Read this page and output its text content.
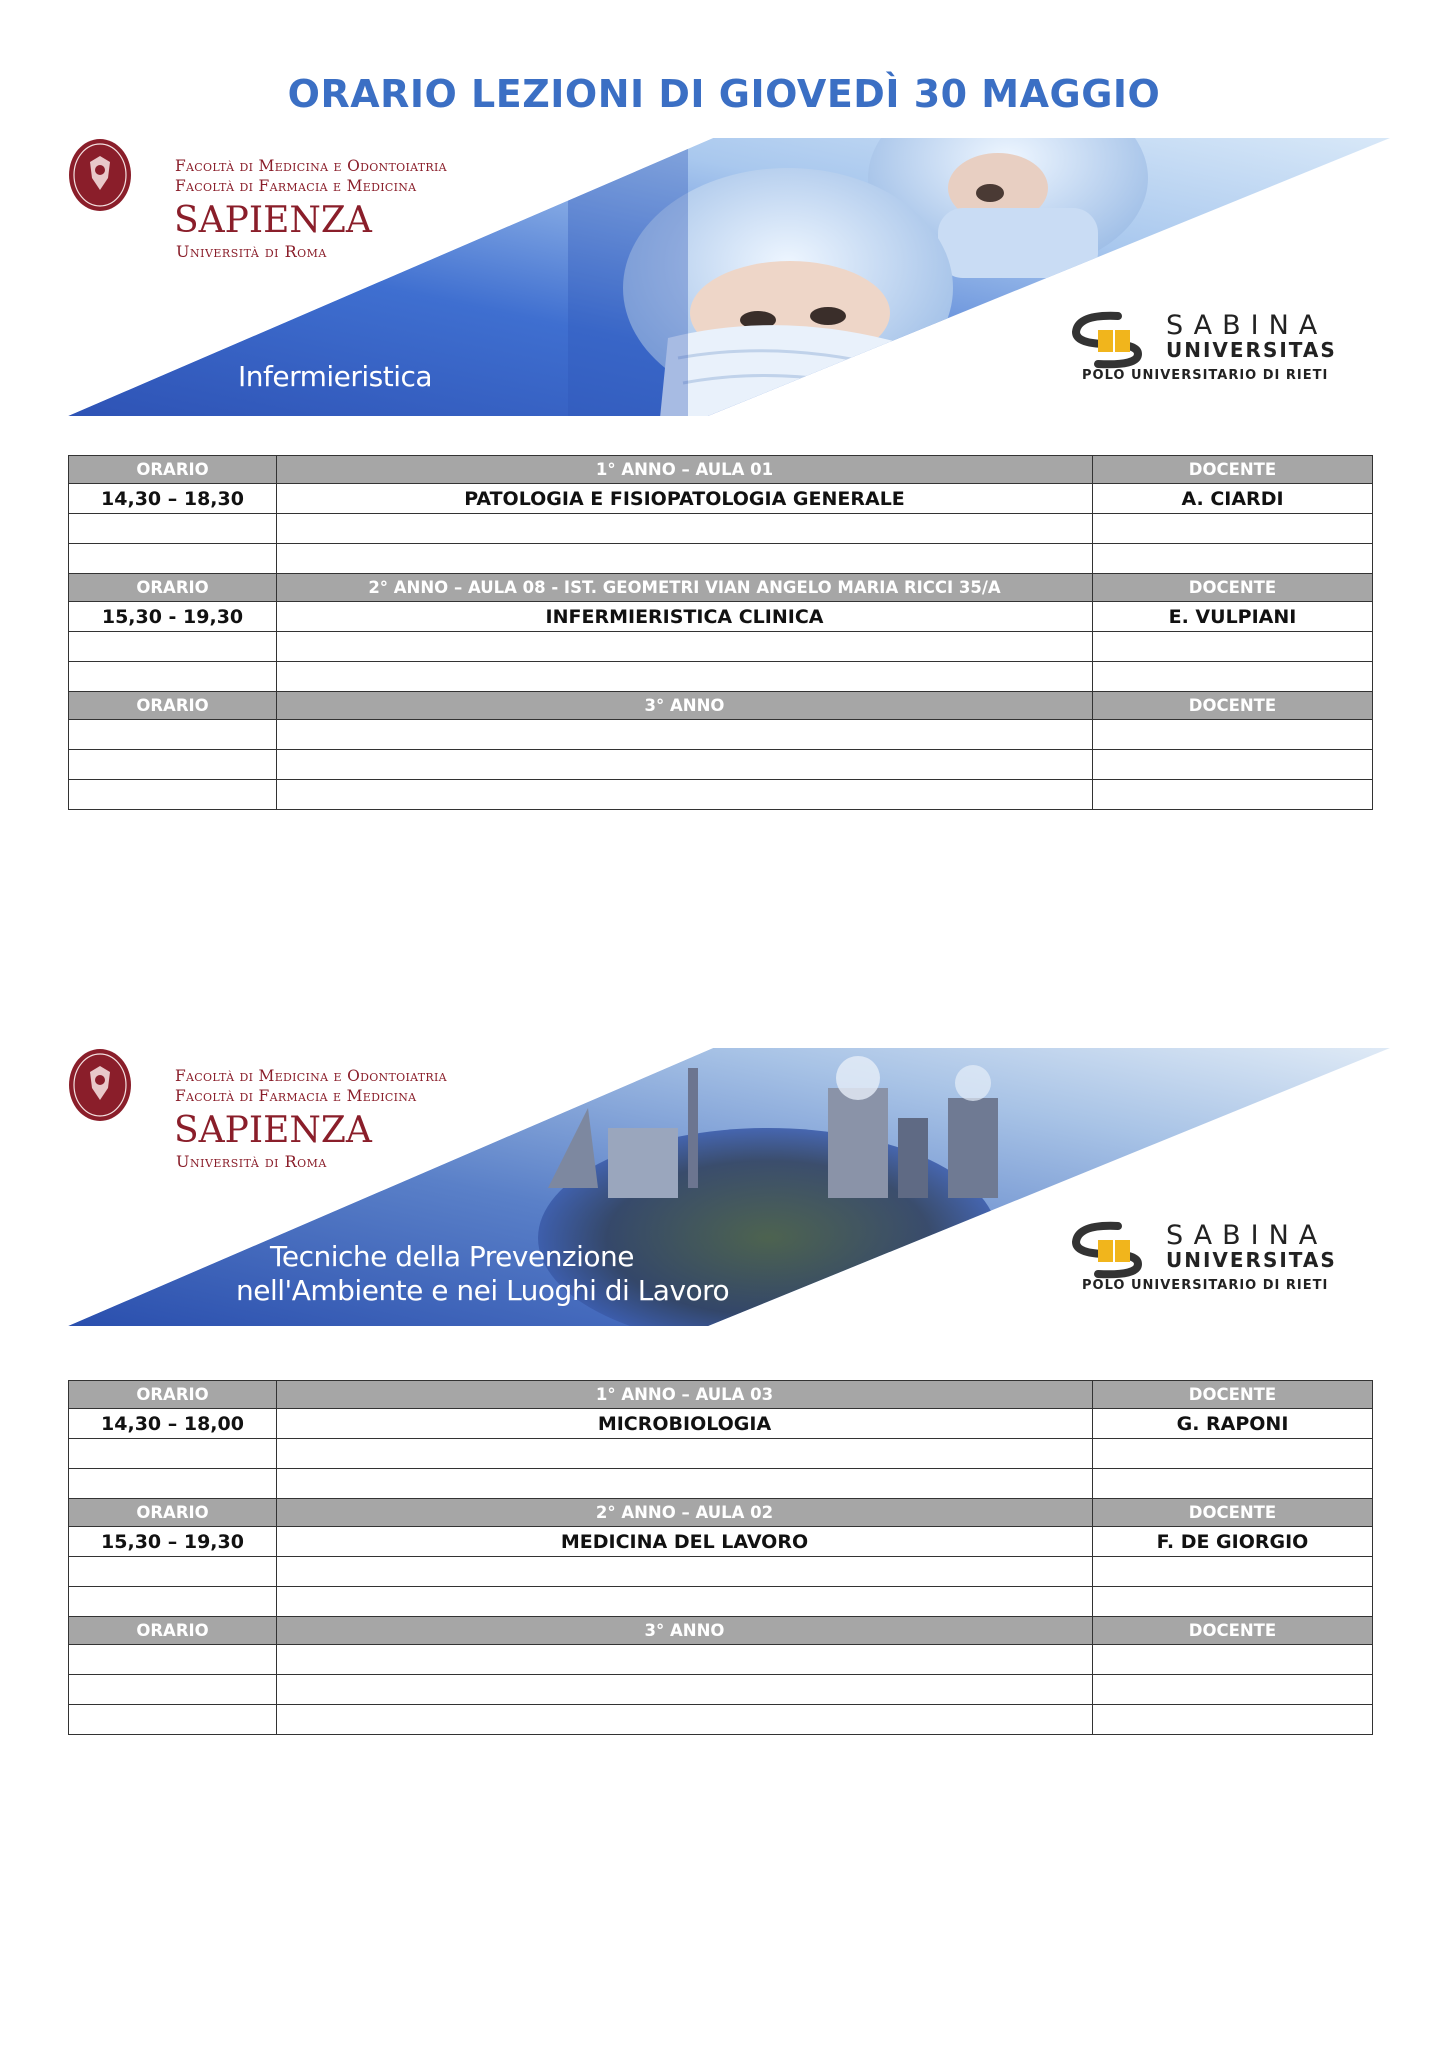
ORARIO LEZIONI DI GIOVEDÌ 30 MAGGIO
Facoltà di Medicina e Odontoiatria
Facoltà di Farmacia e Medicina
SAPIENZA
Università di Roma
Infermieristica
SABINA
UNIVERSITAS
POLO UNIVERSITARIO DI RIETI
ORARIO	1° ANNO – AULA 01	DOCENTE
14,30 – 18,30	PATOLOGIA E FISIOPATOLOGIA GENERALE	A. CIARDI

ORARIO	2° ANNO – AULA 08 - IST. GEOMETRI VIAN ANGELO MARIA RICCI 35/A	DOCENTE
15,30 - 19,30	INFERMIERISTICA CLINICA	E. VULPIANI

ORARIO	3° ANNO	DOCENTE

Facoltà di Medicina e Odontoiatria
Facoltà di Farmacia e Medicina
SAPIENZA
Università di Roma
Tecniche della Prevenzione
nell'Ambiente e nei Luoghi di Lavoro
SABINA
UNIVERSITAS
POLO UNIVERSITARIO DI RIETI
ORARIO	1° ANNO – AULA 03	DOCENTE
14,30 – 18,00	MICROBIOLOGIA	G. RAPONI

ORARIO	2° ANNO – AULA 02	DOCENTE
15,30 – 19,30	MEDICINA DEL LAVORO	F. DE GIORGIO

ORARIO	3° ANNO	DOCENTE
